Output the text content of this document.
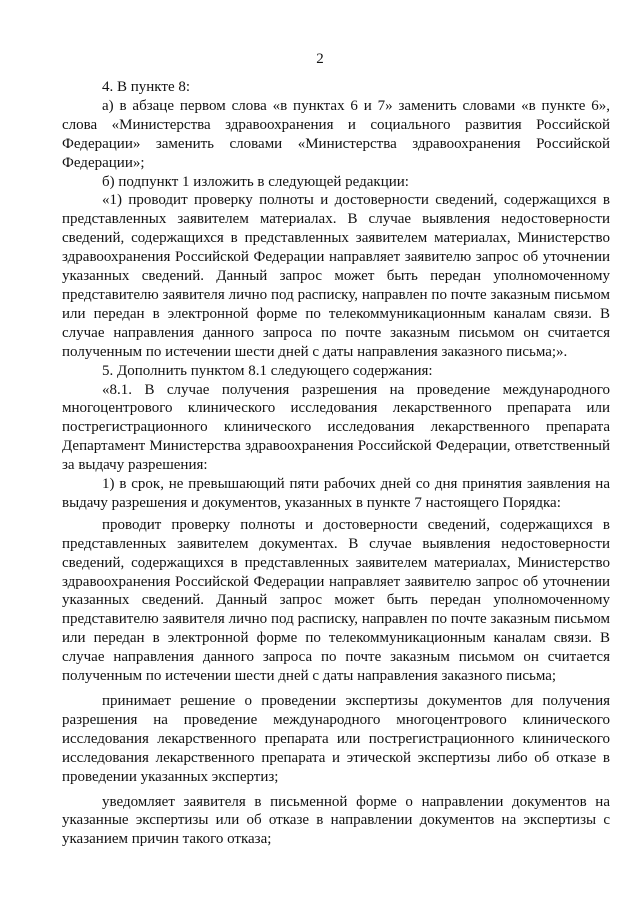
2

4. В пункте 8:

а) в абзаце первом слова «в пунктах 6 и 7» заменить словами «в пункте 6», слова «Министерства здравоохранения и социального развития Российской Федерации» заменить словами «Министерства здравоохранения Российской Федерации»;

б) подпункт 1 изложить в следующей редакции:

«1) проводит проверку полноты и достоверности сведений, содержащихся в представленных заявителем материалах. В случае выявления недостоверности сведений, содержащихся в представленных заявителем материалах, Министерство здравоохранения Российской Федерации направляет заявителю запрос об уточнении указанных сведений. Данный запрос может быть передан уполномоченному представителю заявителя лично под расписку, направлен по почте заказным письмом или передан в электронной форме по телекоммуникационным каналам связи. В случае направления данного запроса по почте заказным письмом он считается полученным по истечении шести дней с даты направления заказного письма;».

5. Дополнить пунктом 8.1 следующего содержания:

«8.1. В случае получения разрешения на проведение международного многоцентрового клинического исследования лекарственного препарата или пострегистрационного клинического исследования лекарственного препарата Департамент Министерства здравоохранения Российской Федерации, ответственный за выдачу разрешения:

1) в срок, не превышающий пяти рабочих дней со дня принятия заявления на выдачу разрешения и документов, указанных в пункте 7 настоящего Порядка:

проводит проверку полноты и достоверности сведений, содержащихся в представленных заявителем документах. В случае выявления недостоверности сведений, содержащихся в представленных заявителем материалах, Министерство здравоохранения Российской Федерации направляет заявителю запрос об уточнении указанных сведений. Данный запрос может быть передан уполномоченному представителю заявителя лично под расписку, направлен по почте заказным письмом или передан в электронной форме по телекоммуникационным каналам связи. В случае направления данного запроса по почте заказным письмом он считается полученным по истечении шести дней с даты направления заказного письма;

принимает решение о проведении экспертизы документов для получения разрешения на проведение международного многоцентрового клинического исследования лекарственного препарата или пострегистрационного клинического исследования лекарственного препарата и этической экспертизы либо об отказе в проведении указанных экспертиз;

уведомляет заявителя в письменной форме о направлении документов на указанные экспертизы или об отказе в направлении документов на экспертизы с указанием причин такого отказа;
